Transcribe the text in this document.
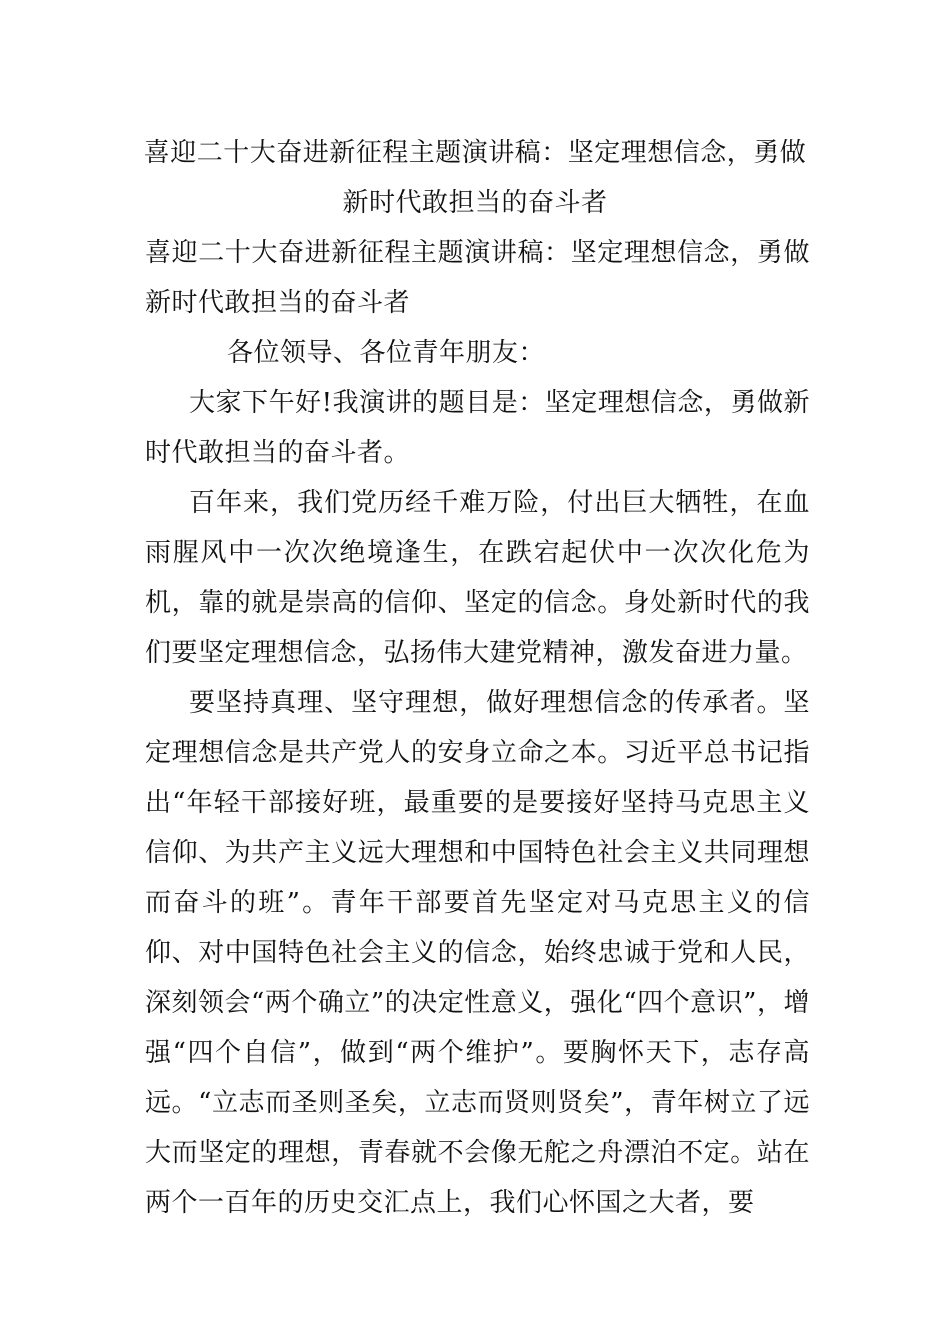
喜迎二十大奋进新征程主题演讲稿：坚定理想信念，勇做
新时代敢担当的奋斗者

喜迎二十大奋进新征程主题演讲稿：坚定理想信念，勇做新时代敢担当的奋斗者

各位领导、各位青年朋友：

大家下午好!我演讲的题目是：坚定理想信念，勇做新时代敢担当的奋斗者。

百年来，我们党历经千难万险，付出巨大牺牲，在血雨腥风中一次次绝境逢生，在跌宕起伏中一次次化危为机，靠的就是崇高的信仰、坚定的信念。身处新时代的我们要坚定理想信念，弘扬伟大建党精神，激发奋进力量。

要坚持真理、坚守理想，做好理想信念的传承者。坚定理想信念是共产党人的安身立命之本。习近平总书记指出“年轻干部接好班，最重要的是要接好坚持马克思主义信仰、为共产主义远大理想和中国特色社会主义共同理想而奋斗的班”。青年干部要首先坚定对马克思主义的信仰、对中国特色社会主义的信念，始终忠诚于党和人民，深刻领会“两个确立”的决定性意义，强化“四个意识”，增强“四个自信”，做到“两个维护”。要胸怀天下，志存高远。“立志而圣则圣矣，立志而贤则贤矣”，青年树立了远大而坚定的理想，青春就不会像无舵之舟漂泊不定。站在两个一百年的历史交汇点上，我们心怀国之大者，要
